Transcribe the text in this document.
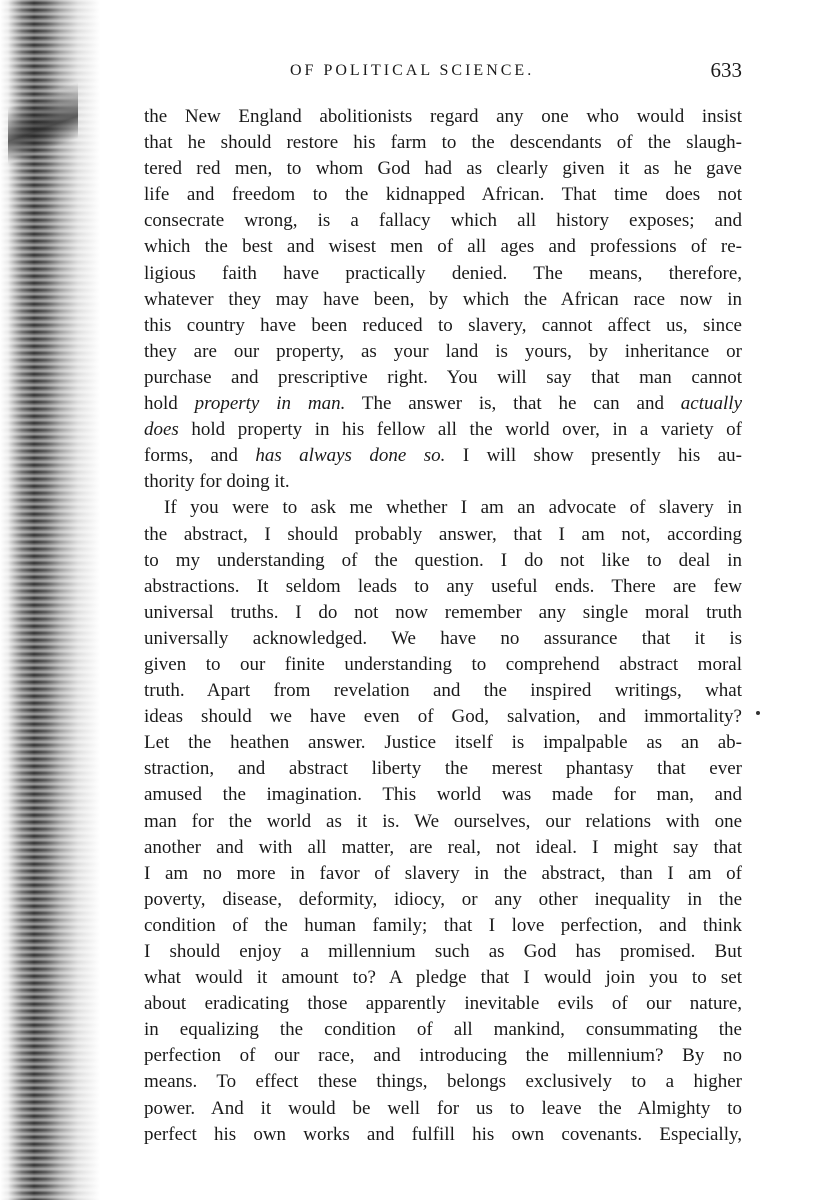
OF POLITICAL SCIENCE.	633
the New England abolitionists regard any one who would insist
that he should restore his farm to the descendants of the slaugh-
tered red men, to whom God had as clearly given it as he gave
life and freedom to the kidnapped African. That time does not
consecrate wrong, is a fallacy which all history exposes; and
which the best and wisest men of all ages and professions of re-
ligious faith have practically denied. The means, therefore,
whatever they may have been, by which the African race now in
this country have been reduced to slavery, cannot affect us, since
they are our property, as your land is yours, by inheritance or
purchase and prescriptive right. You will say that man cannot
hold property in man. The answer is, that he can and actually
does hold property in his fellow all the world over, in a variety of
forms, and has always done so. I will show presently his au-
thority for doing it.
If you were to ask me whether I am an advocate of slavery in
the abstract, I should probably answer, that I am not, according
to my understanding of the question. I do not like to deal in
abstractions. It seldom leads to any useful ends. There are few
universal truths. I do not now remember any single moral truth
universally acknowledged. We have no assurance that it is
given to our finite understanding to comprehend abstract moral
truth. Apart from revelation and the inspired writings, what
ideas should we have even of God, salvation, and immortality?
Let the heathen answer. Justice itself is impalpable as an ab-
straction, and abstract liberty the merest phantasy that ever
amused the imagination. This world was made for man, and
man for the world as it is. We ourselves, our relations with one
another and with all matter, are real, not ideal. I might say that
I am no more in favor of slavery in the abstract, than I am of
poverty, disease, deformity, idiocy, or any other inequality in the
condition of the human family; that I love perfection, and think
I should enjoy a millennium such as God has promised. But
what would it amount to? A pledge that I would join you to set
about eradicating those apparently inevitable evils of our nature,
in equalizing the condition of all mankind, consummating the
perfection of our race, and introducing the millennium? By no
means. To effect these things, belongs exclusively to a higher
power. And it would be well for us to leave the Almighty to
perfect his own works and fulfill his own covenants. Especially,
